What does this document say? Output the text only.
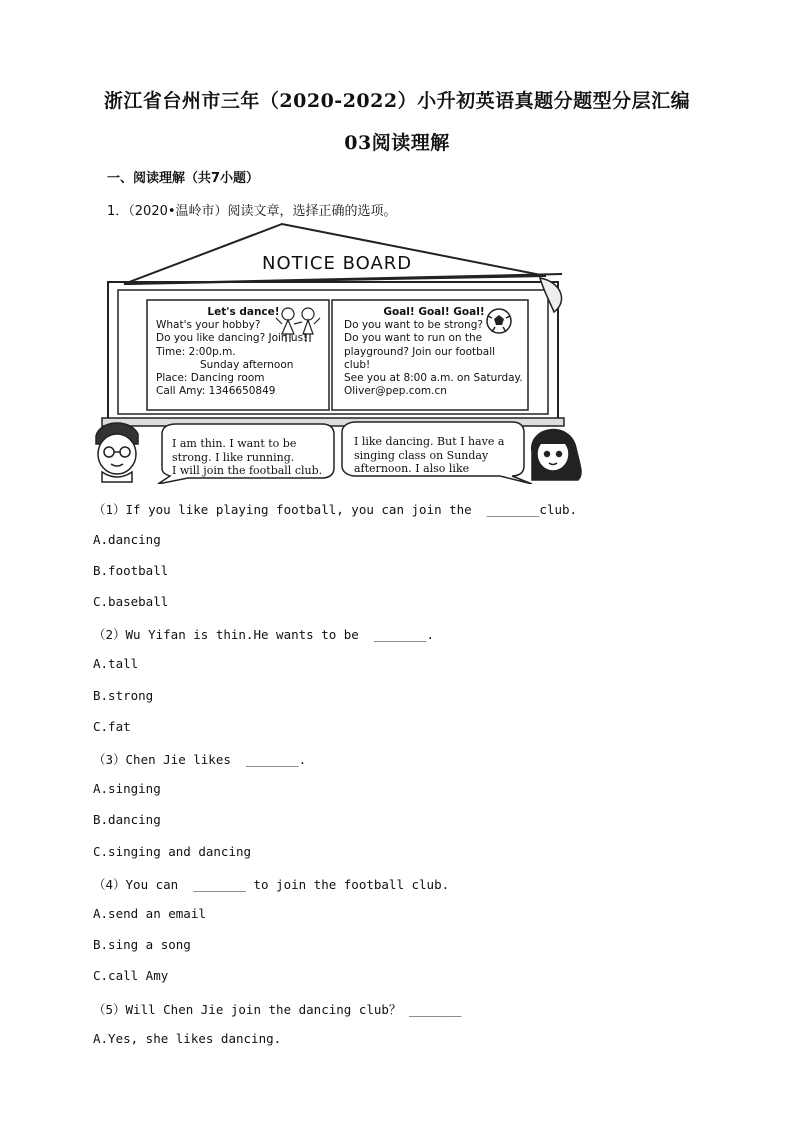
浙江省台州市三年（2020-2022）小升初英语真题分题型分层汇编
03阅读理解
一、阅读理解（共7小题）
1．（2020•温岭市）阅读文章，选择正确的选项。
NOTICE BOARD
Let's dance!
What's your hobby?
Do you like dancing? Join us!
Time: 2:00p.m.
Sunday afternoon
Place: Dancing room
Call Amy: 1346650849
Goal! Goal! Goal!
Do you want to be strong?
Do you want to run on the
playground? Join our football
club!
See you at 8:00 a.m. on Saturday.
Oliver@pep.com.cn
I am thin. I want to be
strong. I like running.
I will join the football club.
I like dancing. But I have a
singing class on Sunday
afternoon. I also like
（1）If you like playing football, you can join the  _______club.
A.dancing
B.football
C.baseball
（2）Wu Yifan is thin.He wants to be  _______.
A.tall
B.strong
C.fat
（3）Chen Jie likes  _______.
A.singing
B.dancing
C.singing and dancing
（4）You can  _______ to join the football club.
A.send an email
B.sing a song
C.call Amy
（5）Will Chen Jie join the dancing club？ _______
A.Yes, she likes dancing.
